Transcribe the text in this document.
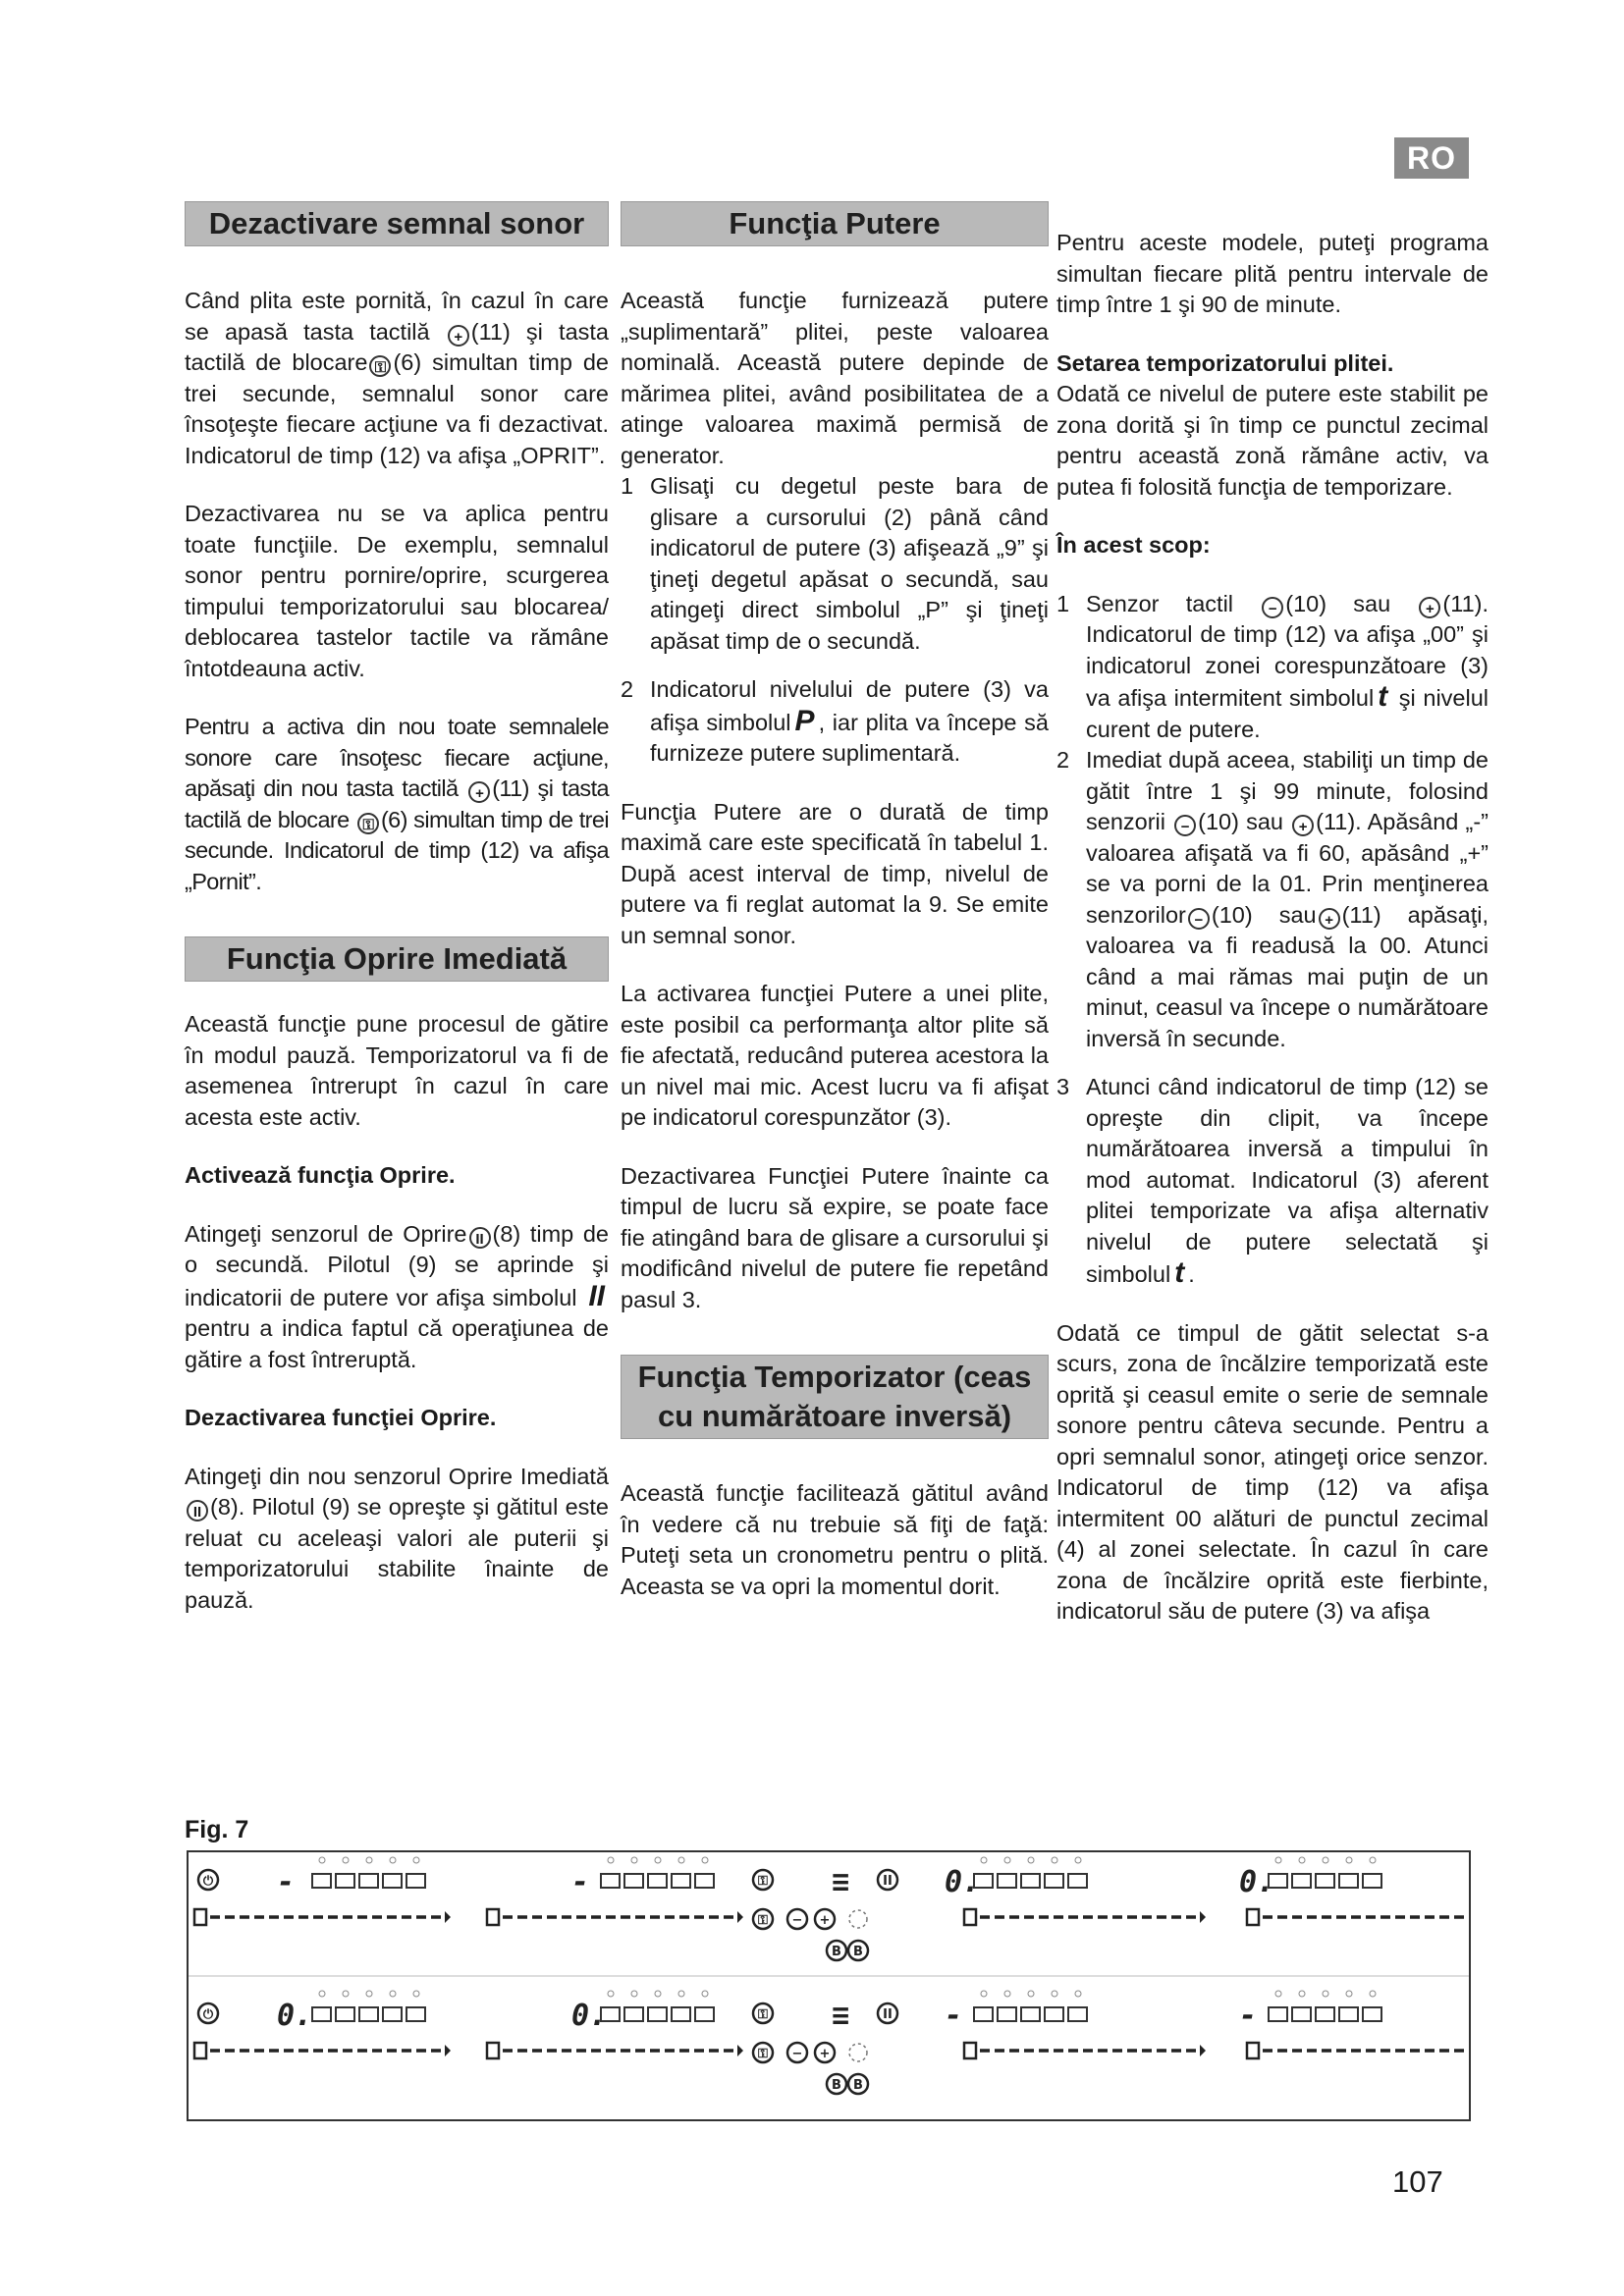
RO
Dezactivare semnal sonor

Când plita este pornită, în cazul în care se apasă tasta tactilă + (11) şi tasta tactilă de blocare ⚿ (6) simultan timp de trei secunde, semnalul sonor care însoţeşte fiecare acţiune va fi dezactivat. Indicatorul de timp (12) va afişa „OPRIT”.

Dezactivarea nu se va aplica pentru toate funcţiile. De exemplu, semnalul sonor pentru pornire/oprire, scurgerea timpului temporizatorului sau blocarea/ deblocarea tastelor tactile va rămâne întotdeauna activ.

Pentru a activa din nou toate semnalele sonore care însoţesc fiecare acţiune, apăsaţi din nou tasta tactilă + (11) şi tasta tactilă de blocare ⚿ (6) simultan timp de trei secunde. Indicatorul de timp (12) va afişa „Pornit”.

Funcţia Oprire Imediată

Această funcţie pune procesul de gătire în modul pauză. Temporizatorul va fi de asemenea întrerupt în cazul în care acesta este activ.

Activează funcţia Oprire.

Atingeţi senzorul de Oprire II (8) timp de o secundă. Pilotul (9) se aprinde şi indicatorii de putere vor afişa simbolul II pentru a indica faptul că operaţiunea de gătire a fost întreruptă.

Dezactivarea funcţiei Oprire.

Atingeţi din nou senzorul Oprire Imediată II (8). Pilotul (9) se opreşte şi gătitul este reluat cu aceleaşi valori ale puterii şi temporizatorului stabilite înainte de pauză.

Funcţia Putere

Această funcţie furnizează putere „suplimentară” plitei, peste valoarea nominală. Această putere depinde de mărimea plitei, având posibilitatea de a atinge valoarea maximă permisă de generator.

1 Glisaţi cu degetul peste bara de glisare a cursorului (2) până când indicatorul de putere (3) afişează „9” şi ţineţi degetul apăsat o secundă, sau atingeţi direct simbolul „P” şi ţineţi apăsat timp de o secundă.

2 Indicatorul nivelului de putere (3) va afişa simbolul P , iar plita va începe să furnizeze putere suplimentară.

Funcţia Putere are o durată de timp maximă care este specificată în tabelul 1. După acest interval de timp, nivelul de putere va fi reglat automat la 9. Se emite un semnal sonor.

La activarea funcţiei Putere a unei plite, este posibil ca performanţa altor plite să fie afectată, reducând puterea acestora la un nivel mai mic. Acest lucru va fi afişat pe indicatorul corespunzător (3).

Dezactivarea Funcţiei Putere înainte ca timpul de lucru să expire, se poate face fie atingând bara de glisare a cursorului şi modificând nivelul de putere fie repetând pasul 3.

Funcţia Temporizator (ceas cu numărătoare inversă)

Această funcţie facilitează gătitul având în vedere că nu trebuie să fiţi de faţă: Puteţi seta un cronometru pentru o plită. Aceasta se va opri la momentul dorit.

Pentru aceste modele, puteţi programa simultan fiecare plită pentru intervale de timp între 1 şi 90 de minute.

Setarea temporizatorului plitei.

Odată ce nivelul de putere este stabilit pe zona dorită şi în timp ce punctul zecimal pentru această zonă rămâne activ, va putea fi folosită funcţia de temporizare.

În acest scop:

1 Senzor tactil − (10) sau + (11). Indicatorul de timp (12) va afişa „00” şi indicatorul zonei corespunzătoare (3) va afişa intermitent simbolul t şi nivelul curent de putere.

2 Imediat după aceea, stabiliţi un timp de gătit între 1 şi 99 minute, folosind senzorii − (10) sau + (11). Apăsând „-” valoarea afişată va fi 60, apăsând „+” se va porni de la 01. Prin menţinerea senzorilor − (10) sau + (11) apăsaţi, valoarea va fi readusă la 00. Atunci când a mai rămas mai puţin de un minut, ceasul va începe o numărătoare inversă în secunde.

3 Atunci când indicatorul de timp (12) se opreşte din clipit, va începe numărătoarea inversă a timpului în mod automat. Indicatorul (3) aferent plitei temporizate va afişa alternativ nivelul de putere selectată şi simbolul t .

Odată ce timpul de gătit selectat s-a scurs, zona de încălzire temporizată este oprită şi ceasul emite o serie de semnale sonore pentru câteva secunde. Pentru a opri semnalul sonor, atingeţi orice senzor. Indicatorul de timp (12) va afişa intermitent 00 alături de punctul zecimal (4) al zonei selectate. În cazul în care zona de încălzire oprită este fierbinte, indicatorul său de putere (3) va afişa

Fig. 7
⏻ -	-	0.	0.
⚿ ≡	II
⚿ − +
B B
⏻ 0.	0.	-	-
⚿ ≡	II
⚿ − +
B B
107
